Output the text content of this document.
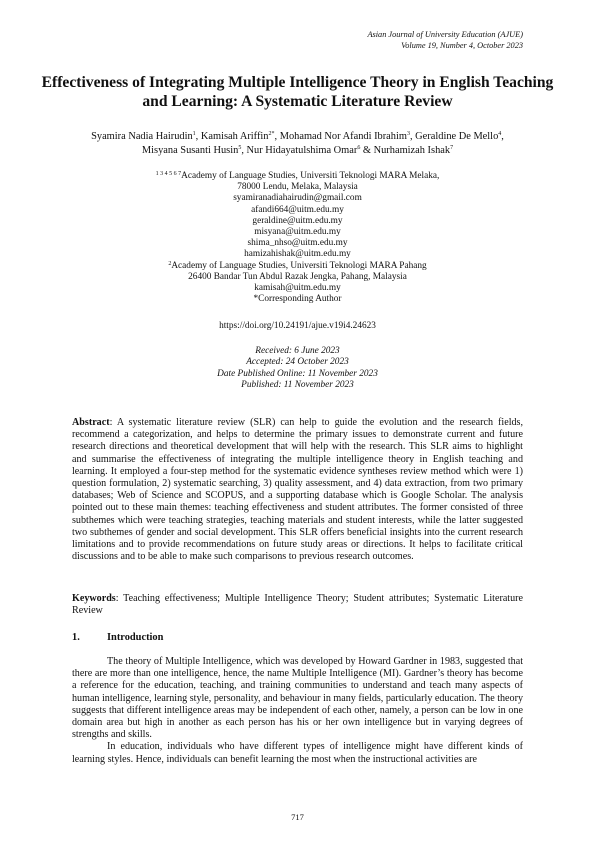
Asian Journal of University Education (AJUE)
Volume 19, Number 4, October 2023
Effectiveness of Integrating Multiple Intelligence Theory in English Teaching and Learning: A Systematic Literature Review
Syamira Nadia Hairudin$^1$, Kamisah Ariffin$^{2*}$, Mohamad Nor Afandi Ibrahim$^3$, Geraldine De Mello$^4$,
Misyana Susanti Husin$^5$, Nur Hidayatulshima Omar$^6$ & Nurhamizah Ishak$^7$
$^{1 3 4 5 6 7}$Academy of Language Studies, Universiti Teknologi MARA Melaka,
78000 Lendu, Melaka, Malaysia
syamiranadiahairudin@gmail.com
afandi664@uitm.edu.my
geraldine@uitm.edu.my
misyana@uitm.edu.my
shima_nhso@uitm.edu.my
hamizahishak@uitm.edu.my
$^2$Academy of Language Studies, Universiti Teknologi MARA Pahang
26400 Bandar Tun Abdul Razak Jengka, Pahang, Malaysia
kamisah@uitm.edu.my
*Corresponding Author
https://doi.org/10.24191/ajue.v19i4.24623
Received: 6 June 2023
Accepted: 24 October 2023
Date Published Online: 11 November 2023
Published: 11 November 2023
Abstract: A systematic literature review (SLR) can help to guide the evolution and the research fields, recommend a categorization, and helps to determine the primary issues to demonstrate current and future research directions and theoretical development that will help with the research. This SLR aims to highlight and summarise the effectiveness of integrating the multiple intelligence theory in English teaching and learning. It employed a four-step method for the systematic evidence syntheses review method which were 1) question formulation, 2) systematic searching, 3) quality assessment, and 4) data extraction, from two primary databases; Web of Science and SCOPUS, and a supporting database which is Google Scholar. The analysis pointed out to these main themes: teaching effectiveness and student attributes. The former consisted of three subthemes which were teaching strategies, teaching materials and student interests, while the latter suggested two subthemes of gender and social development. This SLR offers beneficial insights into the current research limitations and to provide recommendations on future study areas or directions. It helps to facilitate critical discussions and to be able to make such comparisons to previous research outcomes.
Keywords: Teaching effectiveness; Multiple Intelligence Theory; Student attributes; Systematic Literature Review
1.	Introduction

The theory of Multiple Intelligence, which was developed by Howard Gardner in 1983, suggested that there are more than one intelligence, hence, the name Multiple Intelligence (MI). Gardner’s theory has become a reference for the education, teaching, and training communities to understand and teach many aspects of human intelligence, learning style, personality, and behaviour in many fields, particularly education. The theory suggests that different intelligence areas may be independent of each other, namely, a person can be low in one domain area but high in another as each person has his or her own intelligence but in varying degrees of strengths and skills.

In education, individuals who have different types of intelligence might have different kinds of learning styles. Hence, individuals can benefit learning the most when the instructional activities are

717
